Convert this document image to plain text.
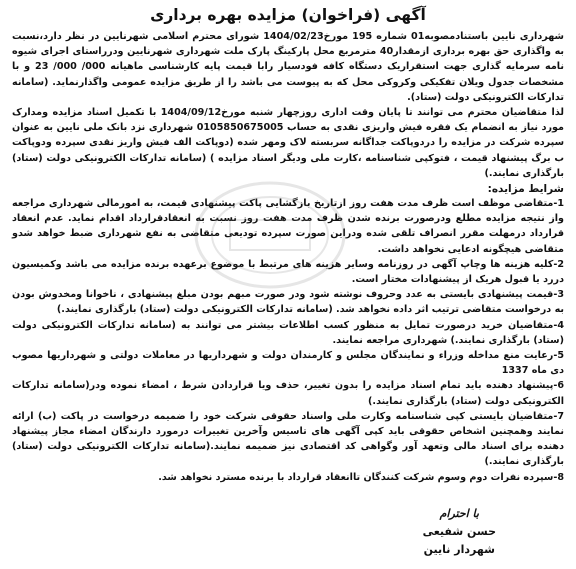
آگهی (فراخوان) مزایده بهره برداری

شهرداری نایین باستنادمصوبه01 شماره 195 مورخ1404/02/23 شورای محترم اسلامی شهرنایین در نظر دارد،نسبت به واگذاری حق بهره برداری ازمقدار40 مترمربع محل پارکینگ پارک ملت شهرداری شهرنایین ودرراستای اجرای شیوه نامه سرمایه گذاری جهت استقراریک دستگاه کافه فودسیار رابا قیمت پایه کارشناسی ماهیانه 000/ 000/ 23 و با مشخصات جدول ویلان تفکیکی وکروکی محل که به پیوست می باشد را از طریق مزایده عمومی واگذارنماید. (سامانه تدارکات الکترونیکی دولت (ستاد).

لذا متقاضیان محترم می توانند تا پایان وقت اداری روزچهار شنبه مورخ1404/09/12 با تکمیل اسناد مزایده ومدارک مورد نیاز به انضمام یک فقره فیش واریزی نقدی به حساب 0105850675005 شهرداری نزد بانک ملی نایین به عنوان سپرده شرکت در مزایده را دردوپاکت جداگانه سربسته لاک ومهر شده (دوپاکت الف فیش واریز نقدی سپرده ودوپاکت ب برگ پیشنهاد قیمت ، فتوکپی شناسنامه ،کارت ملی ودیگر اسناد مزایده ) (سامانه تدارکات الکترونیکی دولت (ستاد) بارگذاری نمایند.)

شرایط مزایده:

1-متقاضی موظف است ظرف مدت هفت روز ازتاریخ بازگشایی پاکت پیشنهادی قیمت، به امورمالی شهرداری مراجعه واز نتیجه مزایده مطلع ودرصورت برنده شدن ظرف مدت هفت روز نسبت به انعقادقرارداد اقدام نماید. عدم انعقاد قرارداد درمهلت مقرر انصراف تلقی شده ودراین صورت سپرده تودیعی متقاضی به نفع شهرداری ضبط خواهد شدو متقاضی هیچگونه ادعایی نخواهد داشت.

2-کلیه هزینه ها وچاپ آگهی در روزنامه وسایر هزینه های مرتبط با موضوع برعهده برنده مزایده می باشد وکمیسیون دررد یا قبول هریک از پیشنهادات مختار است.

3-قیمت پیشنهادی بایستی به عدد وحروف نوشته شود ودر صورت مبهم بودن مبلغ پیشنهادی ، ناخوانا ومخدوش بودن به درخواست متقاضی ترتیب اثر داده نخواهد شد. (سامانه تدارکات الکترونیکی دولت (ستاد) بارگذاری نمایند.)

4-متقاضیان خرید درصورت تمایل به منظور کسب اطلاعات بیشتر می توانند به (سامانه تدارکات الکترونیکی دولت (ستاد) بارگذاری نمایند.) شهرداری مراجعه نمایند.

5-رعایت منع مداخله وزراء و نمایندگان مجلس و کارمندان دولت و شهرداریها در معاملات دولتی و شهرداریها مصوب دی ماه 1337

6-پیشنهاد دهنده باید تمام اسناد مزایده را بدون تغییر، حذف ویا قراردادن شرط ، امضاء نموده ودر(سامانه تدارکات الکترونیکی دولت (ستاد) بارگذاری نمایند.)

7-متقاضیان بایستی کپی شناسنامه وکارت ملی واسناد حقوقی شرکت خود را ضمیمه درخواست در پاکت (ب) ارائه نمایند وهمچنین اشخاص حقوقی باید کپی آگهی های تاسیس وآخرین تغییرات درمورد دارندگان امضاء مجاز پیشنهاد دهنده برای اسناد مالی وتعهد آور وگواهی کد اقتصادی نیز ضمیمه نمایند.(سامانه تدارکات الکترونیکی دولت (ستاد) بارگذاری نمایند.)

8-سپرده نفرات دوم وسوم شرکت کنندگان تاانعقاد قرارداد با برنده مسترد نخواهد شد.

با احترام
حسن شفیعی
شهردار نایین
